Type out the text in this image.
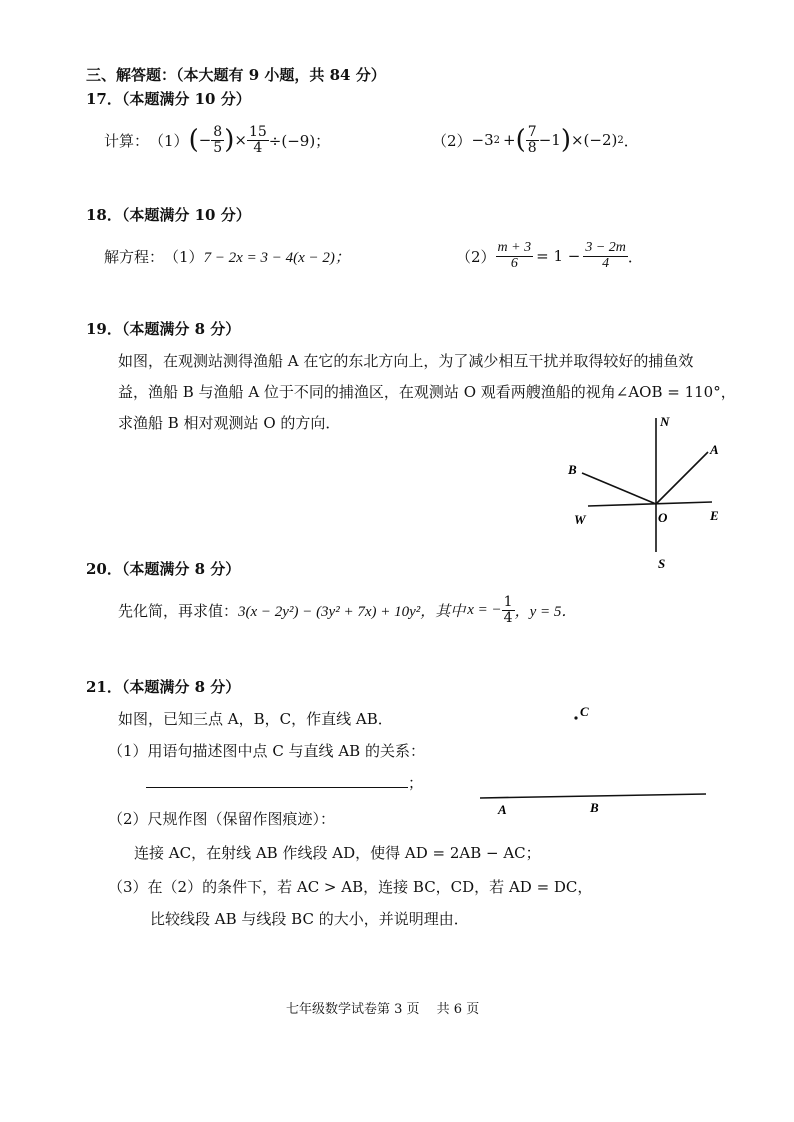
三、解答题：（本大题有 9 小题，共 84 分）
17．（本题满分 10 分）
计算： （1） ( − $\frac{8}{5}$ ) × $\frac{15}{4} \div(-9)$；	（2） −3 2 + ( $\frac{7}{8} -1$ ) ×(−2) 2 ．
18．（本题满分 10 分）
解方程： （1） 7 − 2x = 3 − 4(x − 2)；	$(2) \frac{m + 3}{6} = 1 - \frac{3 - 2m}{4}$ ．
19．（本题满分 8 分）
如图，在观测站测得渔船 A 在它的东北方向上，为了减少相互干扰并取得较好的捕鱼效
益，渔船 B 与渔船 A 位于不同的捕渔区，在观测站 O 观看两艘渔船的视角∠AOB = 110°，
求渔船 B 相对观测站 O 的方向．	N
A
B
W	O	E
S
20．（本题满分 8 分）
先化简，再求值： 3(x − 2y²) − (3y² + 7x) + 10y²，其中 x = − $\frac{1}{4}$ ，y = 5．
21．（本题满分 8 分）
如图，已知三点 A，B，C，作直线 AB．
（1）用语句描述图中点 C 与直线 AB 的关系：
；
（2）尺规作图（保留作图痕迹）：
连接 AC，在射线 AB 作线段 AD，使得 AD = 2AB − AC；
（3）在（2）的条件下，若 AC > AB，连接 BC，CD，若 AD = DC，
比较线段 AB 与线段 BC 的大小，并说明理由．
C
A	B
七年级数学试卷第 3 页　 共 6 页
